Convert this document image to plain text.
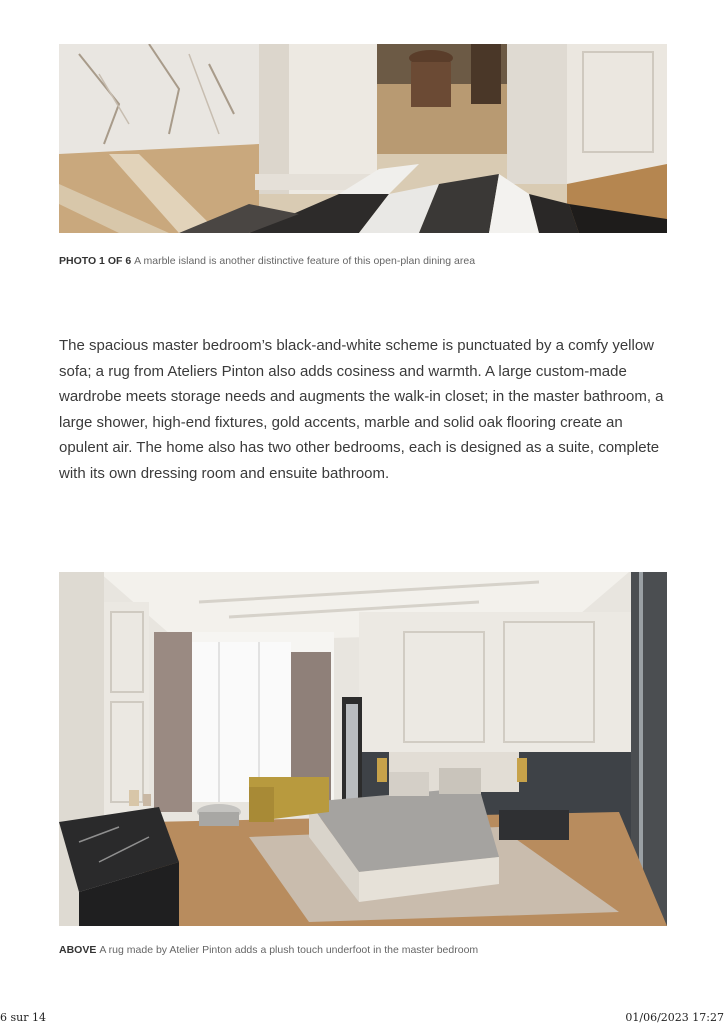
PHOTO 1 OF 6 A marble island is another distinctive feature of this open-plan dining area

The spacious master bedroom’s black-and-white scheme is punctuated by a comfy yellow sofa; a rug from Ateliers Pinton also adds cosiness and warmth. A large custom-made wardrobe meets storage needs and augments the walk-in closet; in the master bathroom, a large shower, high-end fixtures, gold accents, marble and solid oak flooring create an opulent air. The home also has two other bedrooms, each is designed as a suite, complete with its own dressing room and ensuite bathroom.

ABOVE A rug made by Atelier Pinton adds a plush touch underfoot in the master bedroom
6 sur 14	01/06/2023 17:27
